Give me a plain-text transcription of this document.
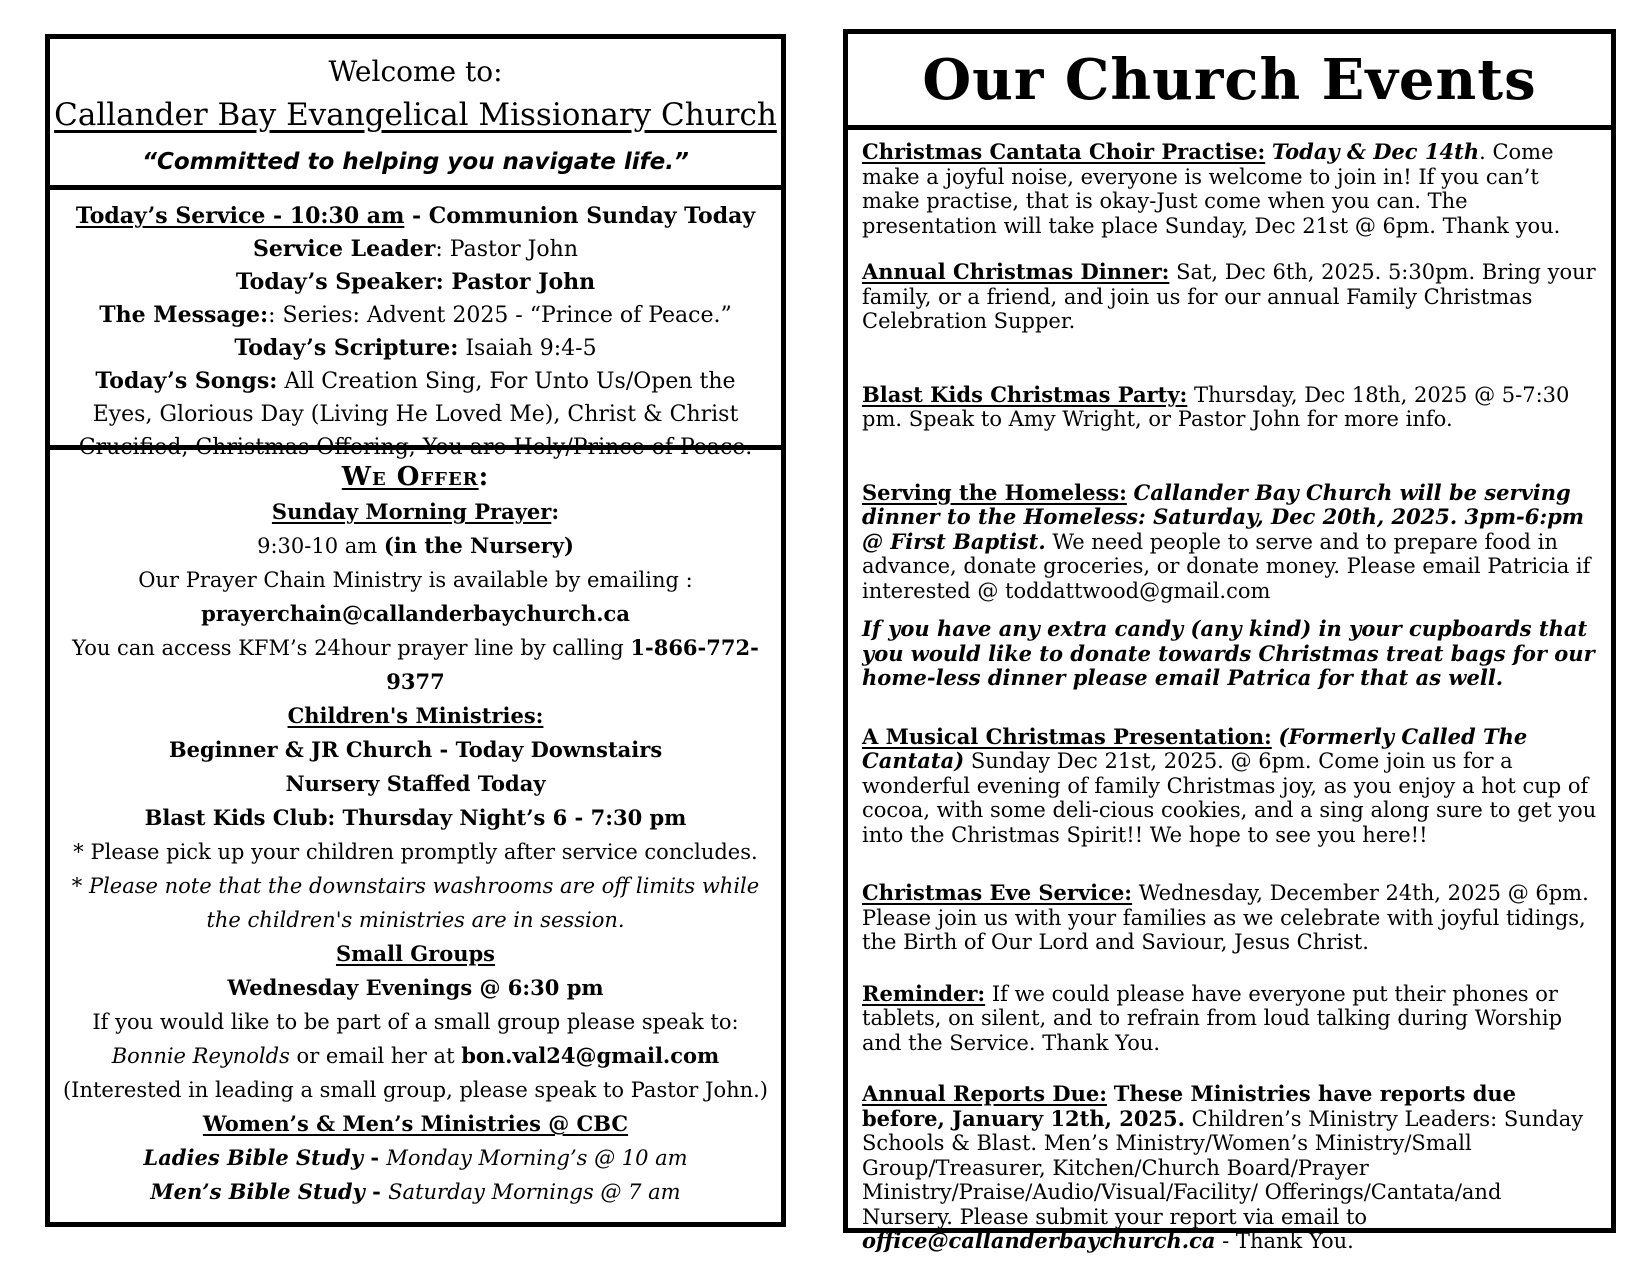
Welcome to:
Callander Bay Evangelical Missionary Church
“Committed to helping you navigate life.”
Today’s Service - 10:30 am - Communion Sunday Today
Service Leader: Pastor John
Today’s Speaker: Pastor John
The Message:: Series: Advent 2025 - “Prince of Peace.”
Today’s Scripture: Isaiah 9:4-5
Today’s Songs: All Creation Sing, For Unto Us/Open the Eyes, Glorious Day (Living He Loved Me), Christ & Christ Crucified, Christmas Offering, You are Holy/Prince of Peace.
We Offer:
Sunday Morning Prayer:
9:30-10 am (in the Nursery)
Our Prayer Chain Ministry is available by emailing :
prayerchain@callanderbaychurch.ca
You can access KFM’s 24hour prayer line by calling 1-866-772-9377
Children's Ministries:
Beginner & JR Church - Today Downstairs
Nursery Staffed Today
Blast Kids Club: Thursday Night’s 6 - 7:30 pm
* Please pick up your children promptly after service concludes.
* Please note that the downstairs washrooms are off limits while the children's ministries are in session.
Small Groups
Wednesday Evenings @ 6:30 pm
If you would like to be part of a small group please speak to:
Bonnie Reynolds or email her at bon.val24@gmail.com
(Interested in leading a small group, please speak to Pastor John.)
Women’s & Men’s Ministries @ CBC
Ladies Bible Study - Monday Morning’s @ 10 am
Men’s Bible Study - Saturday Mornings @ 7 am
Our Church Events
Christmas Cantata Choir Practise: Today & Dec 14th. Come make a joyful noise, everyone is welcome to join in! If you can’t make practise, that is okay-Just come when you can. The presentation will take place Sunday, Dec 21st @ 6pm. Thank you.
Annual Christmas Dinner: Sat, Dec 6th, 2025. 5:30pm. Bring your family, or a friend, and join us for our annual Family Christmas Celebration Supper.
Blast Kids Christmas Party: Thursday, Dec 18th, 2025 @ 5-7:30 pm. Speak to Amy Wright, or Pastor John for more info.
Serving the Homeless: Callander Bay Church will be serving dinner to the Homeless: Saturday, Dec 20th, 2025. 3pm-6:pm @ First Baptist. We need people to serve and to prepare food in advance, donate groceries, or donate money. Please email Patricia if interested @ toddattwood@gmail.com
If you have any extra candy (any kind) in your cupboards that you would like to donate towards Christmas treat bags for our home-less dinner please email Patrica for that as well.
A Musical Christmas Presentation: (Formerly Called The Cantata) Sunday Dec 21st, 2025. @ 6pm. Come join us for a wonderful evening of family Christmas joy, as you enjoy a hot cup of cocoa, with some deli-cious cookies, and a sing along sure to get you into the Christmas Spirit!! We hope to see you here!!
Christmas Eve Service: Wednesday, December 24th, 2025 @ 6pm. Please join us with your families as we celebrate with joyful tidings, the Birth of Our Lord and Saviour, Jesus Christ.
Reminder: If we could please have everyone put their phones or tablets, on silent, and to refrain from loud talking during Worship and the Service. Thank You.
Annual Reports Due: These Ministries have reports due before, January 12th, 2025. Children’s Ministry Leaders: Sunday Schools & Blast. Men’s Ministry/Women’s Ministry/Small Group/Treasurer, Kitchen/Church Board/Prayer Ministry/Praise/Audio/Visual/Facility/ Offerings/Cantata/and Nursery. Please submit your report via email to office@callanderbaychurch.ca - Thank You.
